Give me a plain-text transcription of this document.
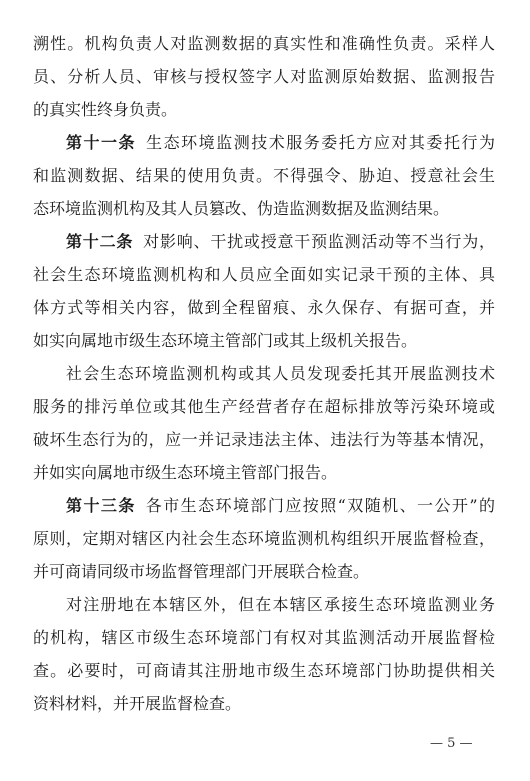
溯性。机构负责人对监测数据的真实性和准确性负责。采样人
员、分析人员、审核与授权签字人对监测原始数据、监测报告
的真实性终身负责。
第十一条 生态环境监测技术服务委托方应对其委托行为
和监测数据、结果的使用负责。不得强令、胁迫、授意社会生
态环境监测机构及其人员篡改、伪造监测数据及监测结果。
第十二条 对影响、干扰或授意干预监测活动等不当行为，
社会生态环境监测机构和人员应全面如实记录干预的主体、具
体方式等相关内容，做到全程留痕、永久保存、有据可查，并
如实向属地市级生态环境主管部门或其上级机关报告。
社会生态环境监测机构或其人员发现委托其开展监测技术
服务的排污单位或其他生产经营者存在超标排放等污染环境或
破坏生态行为的，应一并记录违法主体、违法行为等基本情况，
并如实向属地市级生态环境主管部门报告。
第十三条 各市生态环境部门应按照“双随机、一公开”的
原则，定期对辖区内社会生态环境监测机构组织开展监督检查，
并可商请同级市场监督管理部门开展联合检查。
对注册地在本辖区外，但在本辖区承接生态环境监测业务
的机构，辖区市级生态环境部门有权对其监测活动开展监督检
查。必要时，可商请其注册地市级生态环境部门协助提供相关
资料材料，并开展监督检查。
— 5 —
